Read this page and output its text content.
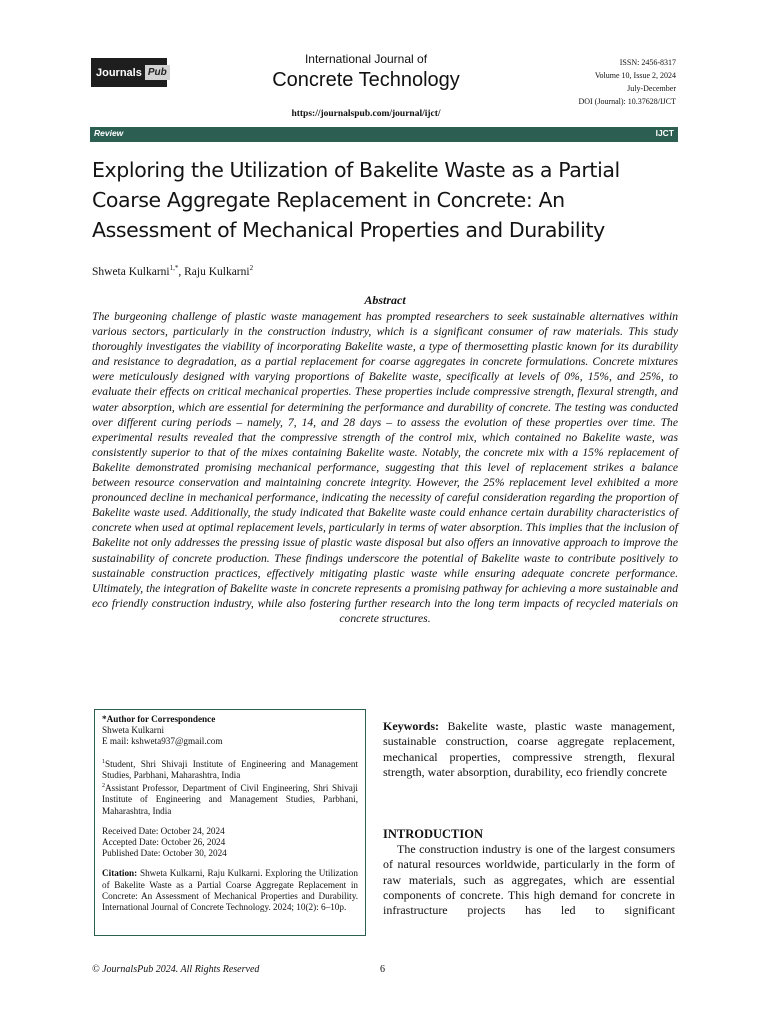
Journals Pub
International Journal of
Concrete Technology
https://journalspub.com/journal/ijct/
ISSN: 2456-8317
Volume 10, Issue 2, 2024
July-December
DOI (Journal): 10.37628/IJCT
Review	IJCT
Exploring the Utilization of Bakelite Waste as a Partial Coarse Aggregate Replacement in Concrete: An Assessment of Mechanical Properties and Durability
Shweta Kulkarni$^{1,*}$, Raju Kulkarni$^2$
Abstract
The burgeoning challenge of plastic waste management has prompted researchers to seek sustainable alternatives within various sectors, particularly in the construction industry, which is a significant consumer of raw materials. This study thoroughly investigates the viability of incorporating Bakelite waste, a type of thermosetting plastic known for its durability and resistance to degradation, as a partial replacement for coarse aggregates in concrete formulations. Concrete mixtures were meticulously designed with varying proportions of Bakelite waste, specifically at levels of 0%, 15%, and 25%, to evaluate their effects on critical mechanical properties. These properties include compressive strength, flexural strength, and water absorption, which are essential for determining the performance and durability of concrete. The testing was conducted over different curing periods – namely, 7, 14, and 28 days – to assess the evolution of these properties over time. The experimental results revealed that the compressive strength of the control mix, which contained no Bakelite waste, was consistently superior to that of the mixes containing Bakelite waste. Notably, the concrete mix with a 15% replacement of Bakelite demonstrated promising mechanical performance, suggesting that this level of replacement strikes a balance between resource conservation and maintaining concrete integrity. However, the 25% replacement level exhibited a more pronounced decline in mechanical performance, indicating the necessity of careful consideration regarding the proportion of Bakelite waste used. Additionally, the study indicated that Bakelite waste could enhance certain durability characteristics of concrete when used at optimal replacement levels, particularly in terms of water absorption. This implies that the inclusion of Bakelite not only addresses the pressing issue of plastic waste disposal but also offers an innovative approach to improve the sustainability of concrete production. These findings underscore the potential of Bakelite waste to contribute positively to sustainable construction practices, effectively mitigating plastic waste while ensuring adequate concrete performance. Ultimately, the integration of Bakelite waste in concrete represents a promising pathway for achieving a more sustainable and eco friendly construction industry, while also fostering further research into the long term impacts of recycled materials on concrete structures.

*Author for Correspondence

Shweta Kulkarni

E mail: kshweta937@gmail.com

$^1$Student, Shri Shivaji Institute of Engineering and Management Studies, Parbhani, Maharashtra, India

$^2$Assistant Professor, Department of Civil Engineering, Shri Shivaji Institute of Engineering and Management Studies, Parbhani, Maharashtra, India

Received Date: October 24, 2024

Accepted Date: October 26, 2024

Published Date: October 30, 2024

Citation: Shweta Kulkarni, Raju Kulkarni. Exploring the Utilization of Bakelite Waste as a Partial Coarse Aggregate Replacement in Concrete: An Assessment of Mechanical Properties and Durability. International Journal of Concrete Technology. 2024; 10(2): 6–10p.

Keywords: Bakelite waste, plastic waste management, sustainable construction, coarse aggregate replacement, mechanical properties, compressive strength, flexural strength, water absorption, durability, eco friendly concrete
INTRODUCTION
The construction industry is one of the largest consumers of natural resources worldwide, particularly in the form of raw materials, such as aggregates, which are essential components of concrete. This high demand for concrete in infrastructure projects has led to significant
© JournalsPub 2024. All Rights Reserved	6
